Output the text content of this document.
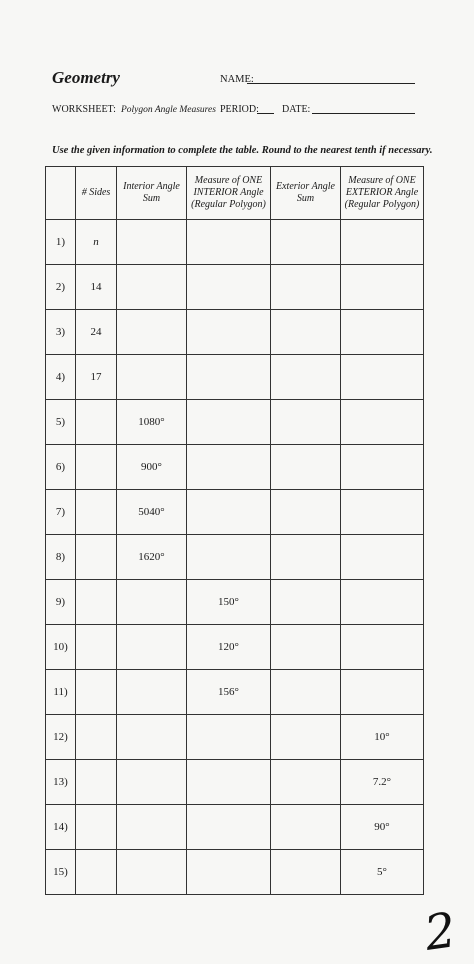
Geometry	NAME:
WORKSHEET: Polygon Angle Measures PERIOD: DATE:
Use the given information to complete the table. Round to the nearest tenth if necessary.
	# Sides	Interior Angle Sum	Measure of ONE INTERIOR Angle (Regular Polygon)	Exterior Angle Sum	Measure of ONE EXTERIOR Angle (Regular Polygon)
1)	n				
2)	14				
3)	24				
4)	17				
5)		1080°			
6)		900°			
7)		5040°			
8)		1620°			
9)			150°		
10)			120°		
11)			156°		
12)					10°
13)					7.2°
14)					90°
15)					5°
2
